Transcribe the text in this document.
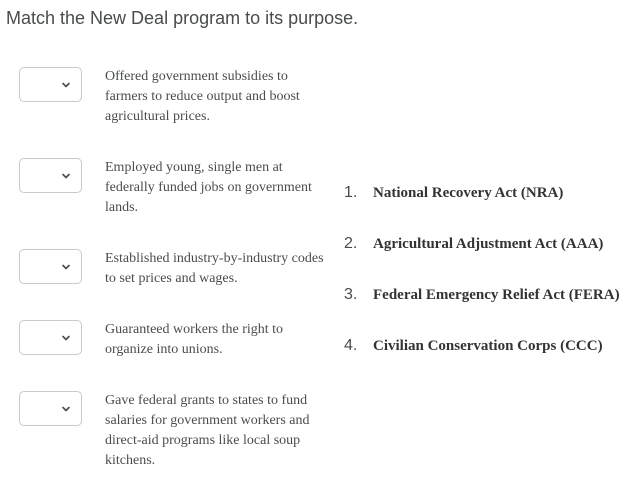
Match the New Deal program to its purpose.
Offered government subsidies to farmers to reduce output and boost agricultural prices.
Employed young, single men at federally funded jobs on government lands.
Established industry-by-industry codes to set prices and wages.
Guaranteed workers the right to organize into unions.
Gave federal grants to states to fund salaries for government workers and direct-aid programs like local soup kitchens.
1. National Recovery Act (NRA)
2. Agricultural Adjustment Act (AAA)
3. Federal Emergency Relief Act (FERA)
4. Civilian Conservation Corps (CCC)
